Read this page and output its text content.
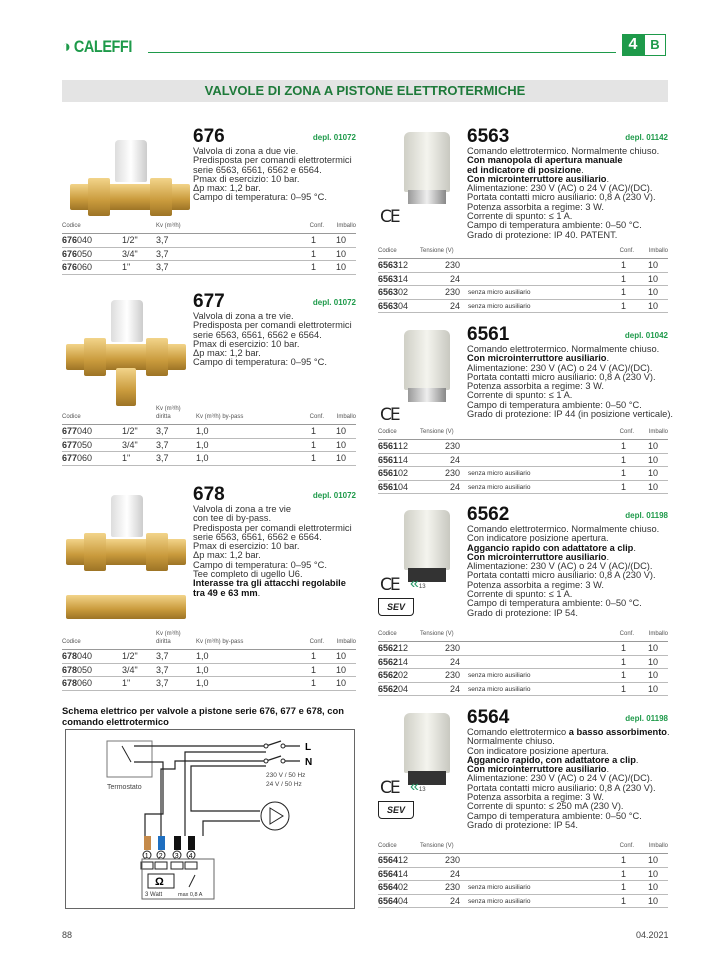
◑ CALEFFI	4 B
VALVOLE DI ZONA A PISTONE ELETTROTERMICHE
676	depl. 01072
Valvola di zona a due vie.
Predisposta per comandi elettrotermici
serie 6563, 6561, 6562 e 6564.
Pmax di esercizio: 10 bar.
Δp max: 1,2 bar.
Campo di temperatura: 0–95 °C.
Codice		Kv (m³/h)		Conf.	Imballo
676040	1/2"	3,7		1	10
676050	3/4"	3,7		1	10
676060	1"	3,7		1	10
677	depl. 01072
Valvola di zona a tre vie.
Predisposta per comandi elettrotermici
serie 6563, 6561, 6562 e 6564.
Pmax di esercizio: 10 bar.
Δp max: 1,2 bar.
Campo di temperatura: 0–95 °C.
Codice		Kv (m³/h) diritta	Kv (m³/h) by-pass	Conf.	Imballo
677040	1/2"	3,7	1,0	1	10
677050	3/4"	3,7	1,0	1	10
677060	1"	3,7	1,0	1	10
678	depl. 01072
Valvola di zona a tre vie
con tee di by-pass.
Predisposta per comandi elettrotermici
serie 6563, 6561, 6562 e 6564.
Pmax di esercizio: 10 bar.
Δp max: 1,2 bar.
Campo di temperatura: 0–95 °C.
Tee completo di ugello U6.
Interasse tra gli attacchi regolabile
tra 49 e 63 mm.
Codice		Kv (m³/h) diritta	Kv (m³/h) by-pass	Conf.	Imballo
678040	1/2"	3,7	1,0	1	10
678050	3/4"	3,7	1,0	1	10
678060	1"	3,7	1,0	1	10
6563	depl. 01142
Comando elettrotermico. Normalmente chiuso.
Con manopola di apertura manuale
ed indicatore di posizione.
Con microinterruttore ausiliario.
Alimentazione: 230 V (AC) o 24 V (AC)/(DC).
Portata contatti micro ausiliario: 0,8 A (230 V).
Potenza assorbita a regime: 3 W.
Corrente di spunto: ≤ 1 A.
Campo di temperatura ambiente: 0–50 °C.
Grado di protezione: IP 40. PATENT.
Codice	Tensione (V)		Conf.	Imballo
656312	230		1	10
656314	24		1	10
656302	230	senza micro ausiliario	1	10
656304	24	senza micro ausiliario	1	10
CE
6561	depl. 01042
Comando elettrotermico. Normalmente chiuso.
Con microinterruttore ausiliario.
Alimentazione: 230 V (AC) o 24 V (AC)/(DC).
Portata contatti micro ausiliario: 0,8 A (230 V).
Potenza assorbita a regime: 3 W.
Corrente di spunto: ≤ 1 A.
Campo di temperatura ambiente: 0–50 °C.
Grado di protezione: IP 44 (in posizione verticale).
Codice	Tensione (V)		Conf.	Imballo
656112	230		1	10
656114	24		1	10
656102	230	senza micro ausiliario	1	10
656104	24	senza micro ausiliario	1	10
CE
6562	depl. 01198
Comando elettrotermico. Normalmente chiuso.
Con indicatore posizione apertura.
Aggancio rapido con adattatore a clip.
Con microinterruttore ausiliario.
Alimentazione: 230 V (AC) o 24 V (AC)/(DC).
Portata contatti micro ausiliario: 0,8 A (230 V).
Potenza assorbita a regime: 3 W.
Corrente di spunto: ≤ 1 A.
Campo di temperatura ambiente: 0–50 °C.
Grado di protezione: IP 54.
Codice	Tensione (V)		Conf.	Imballo
656212	230		1	10
656214	24		1	10
656202	230	senza micro ausiliario	1	10
656204	24	senza micro ausiliario	1	10
CE «13
SEV
6564	depl. 01198
Comando elettrotermico a basso assorbimento.
Normalmente chiuso.
Con indicatore posizione apertura.
Aggancio rapido, con adattatore a clip.
Con microinterruttore ausiliario.
Alimentazione: 230 V (AC) o 24 V (AC)/(DC).
Portata contatti micro ausiliario: 0,8 A (230 V).
Potenza assorbita a regime: 3 W.
Corrente di spunto: ≤ 250 mA (230 V).
Campo di temperatura ambiente: 0–50 °C.
Grado di protezione: IP 54.
Codice	Tensione (V)		Conf.	Imballo
656412	230		1	10
656414	24		1	10
656402	230	senza micro ausiliario	1	10
656404	24	senza micro ausiliario	1	10
CE «13
SEV
Schema elettrico per valvole a pistone serie 676, 677 e 678, con
comando elettrotermico
Termostato
L
N
230 V / 50 Hz
24 V / 50 Hz
1 2 3 4
Ω
3 Watt	max 0,8 A
88	04.2021
